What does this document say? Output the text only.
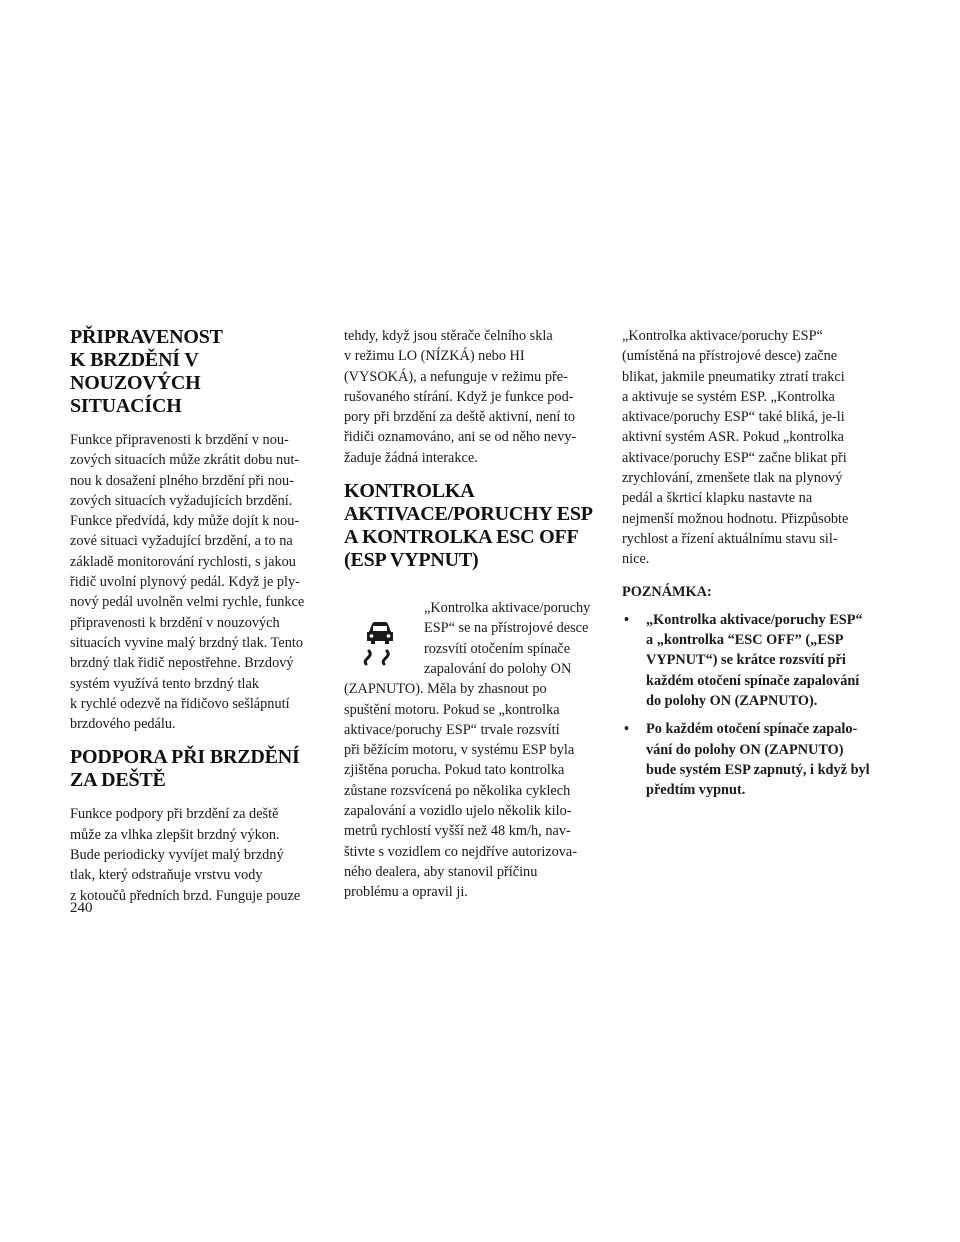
PŘIPRAVENOST
K BRZDĚNÍ V NOUZOVÝCH
SITUACÍCH

Funkce připravenosti k brzdění v nou-
zových situacích může zkrátit dobu nut-
nou k dosažení plného brzdění při nou-
zových situacích vyžadujících brzdění.
Funkce předvídá, kdy může dojít k nou-
zové situaci vyžadující brzdění, a to na
základě monitorování rychlosti, s jakou
řidič uvolní plynový pedál. Když je ply-
nový pedál uvolněn velmi rychle, funkce
připravenosti k brzdění v nouzových
situacích vyvine malý brzdný tlak. Tento
brzdný tlak řidič nepostřehne. Brzdový
systém využívá tento brzdný tlak
k rychlé odezvě na řidičovo sešlápnutí
brzdového pedálu.

PODPORA PŘI BRZDĚNÍ
ZA DEŠTĚ

Funkce podpory při brzdění za deště
může za vlhka zlepšit brzdný výkon.
Bude periodicky vyvíjet malý brzdný
tlak, který odstraňuje vrstvu vody
z kotoučů předních brzd. Funguje pouze

tehdy, když jsou stěrače čelního skla
v režimu LO (NÍZKÁ) nebo HI
(VYSOKÁ), a nefunguje v režimu pře-
rušovaného stírání. Když je funkce pod-
pory při brzdění za deště aktivní, není to
řidiči oznamováno, ani se od něho nevy-
žaduje žádná interakce.

KONTROLKA
AKTIVACE/PORUCHY ESP
A KONTROLKA ESC OFF
(ESP VYPNUT)

„Kontrolka aktivace/poruchy
ESP“ se na přístrojové desce
rozsvítí otočením spínače
zapalování do polohy ON

(ZAPNUTO). Měla by zhasnout po
spuštění motoru. Pokud se „kontrolka
aktivace/poruchy ESP“ trvale rozsvítí
při běžícím motoru, v systému ESP byla
zjištěna porucha. Pokud tato kontrolka
zůstane rozsvícená po několika cyklech
zapalování a vozidlo ujelo několik kilo-
metrů rychlostí vyšší než 48 km/h, nav-
štivte s vozidlem co nejdříve autorizova-
ného dealera, aby stanovil příčinu
problému a opravil ji.

„Kontrolka aktivace/poruchy ESP“
(umístěná na přístrojové desce) začne
blikat, jakmile pneumatiky ztratí trakci
a aktivuje se systém ESP. „Kontrolka
aktivace/poruchy ESP“ také bliká, je-li
aktivní systém ASR. Pokud „kontrolka
aktivace/poruchy ESP“ začne blikat při
zrychlování, zmenšete tlak na plynový
pedál a škrticí klapku nastavte na
nejmenší možnou hodnotu. Přizpůsobte
rychlost a řízení aktuálnímu stavu sil-
nice.

POZNÁMKA:
• „Kontrolka aktivace/poruchy ESP“
a „kontrolka “ESC OFF” („ESP
VYPNUT“) se krátce rozsvítí při
každém otočení spínače zapalování
do polohy ON (ZAPNUTO).
• Po každém otočení spínače zapalo-
vání do polohy ON (ZAPNUTO)
bude systém ESP zapnutý, i když byl
předtím vypnut.
240
